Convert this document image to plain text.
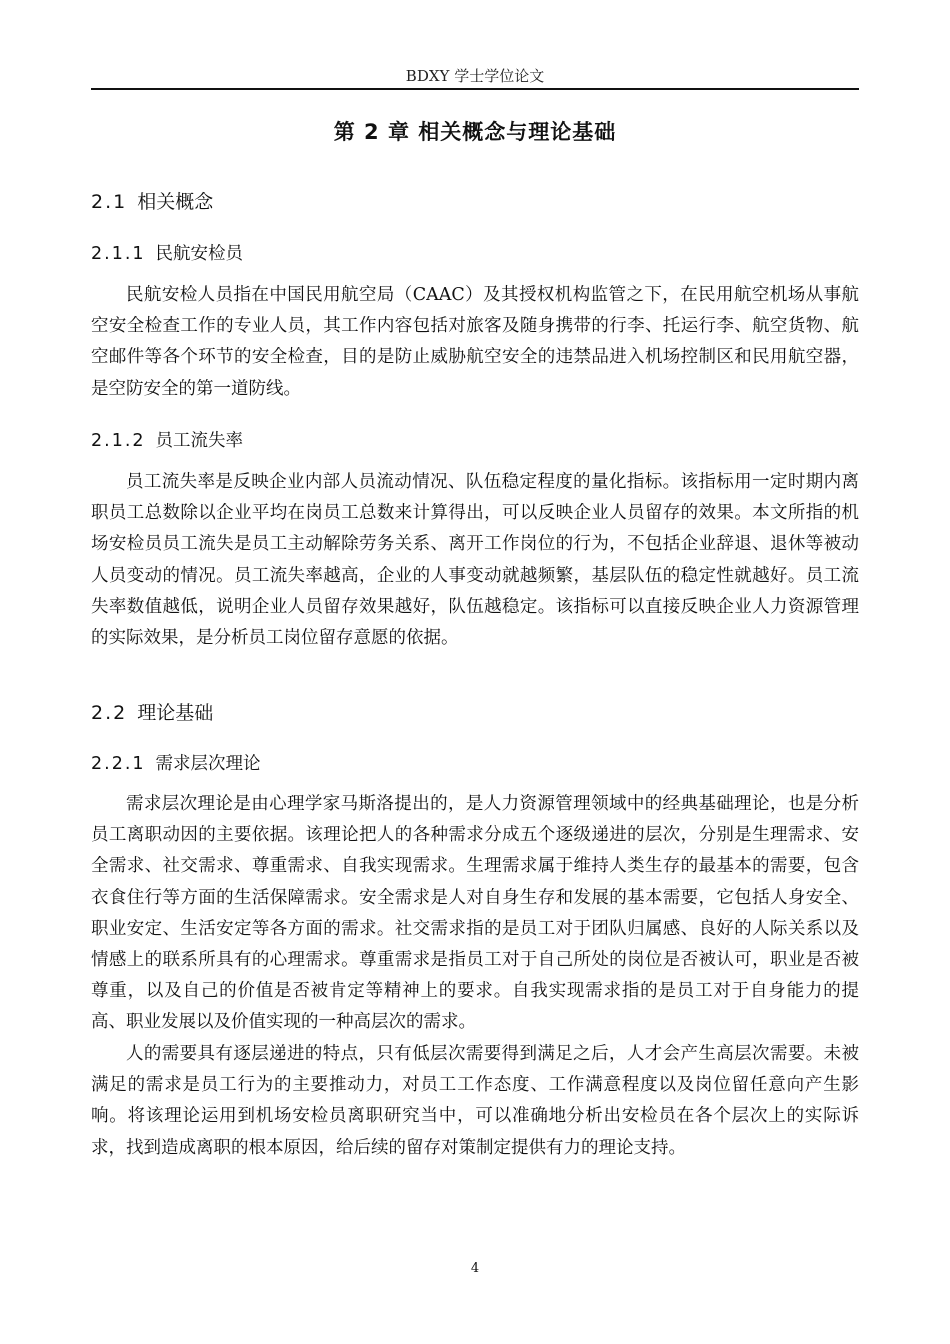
BDXY 学士学位论文
第 2 章 相关概念与理论基础
2.1 相关概念
2.1.1 民航安检员

民航安检人员指在中国民用航空局（CAAC）及其授权机构监管之下，在民用航空机场从事航空安全检查工作的专业人员，其工作内容包括对旅客及随身携带的行李、托运行李、航空货物、航空邮件等各个环节的安全检查，目的是防止威胁航空安全的违禁品进入机场控制区和民用航空器，是空防安全的第一道防线。

2.1.2 员工流失率

员工流失率是反映企业内部人员流动情况、队伍稳定程度的量化指标。该指标用一定时期内离职员工总数除以企业平均在岗员工总数来计算得出，可以反映企业人员留存的效果。本文所指的机场安检员员工流失是员工主动解除劳务关系、离开工作岗位的行为，不包括企业辞退、退休等被动人员变动的情况。员工流失率越高，企业的人事变动就越频繁，基层队伍的稳定性就越好。员工流失率数值越低，说明企业人员留存效果越好，队伍越稳定。该指标可以直接反映企业人力资源管理的实际效果，是分析员工岗位留存意愿的依据。

2.2 理论基础
2.2.1 需求层次理论

需求层次理论是由心理学家马斯洛提出的，是人力资源管理领域中的经典基础理论，也是分析员工离职动因的主要依据。该理论把人的各种需求分成五个逐级递进的层次，分别是生理需求、安全需求、社交需求、尊重需求、自我实现需求。生理需求属于维持人类生存的最基本的需要，包含衣食住行等方面的生活保障需求。安全需求是人对自身生存和发展的基本需要，它包括人身安全、职业安定、生活安定等各方面的需求。社交需求指的是员工对于团队归属感、良好的人际关系以及情感上的联系所具有的心理需求。尊重需求是指员工对于自己所处的岗位是否被认可，职业是否被尊重，以及自己的价值是否被肯定等精神上的要求。自我实现需求指的是员工对于自身能力的提高、职业发展以及价值实现的一种高层次的需求。

人的需要具有逐层递进的特点，只有低层次需要得到满足之后，人才会产生高层次需要。未被满足的需求是员工行为的主要推动力，对员工工作态度、工作满意程度以及岗位留任意向产生影响。将该理论运用到机场安检员离职研究当中，可以准确地分析出安检员在各个层次上的实际诉求，找到造成离职的根本原因，给后续的留存对策制定提供有力的理论支持。

4
